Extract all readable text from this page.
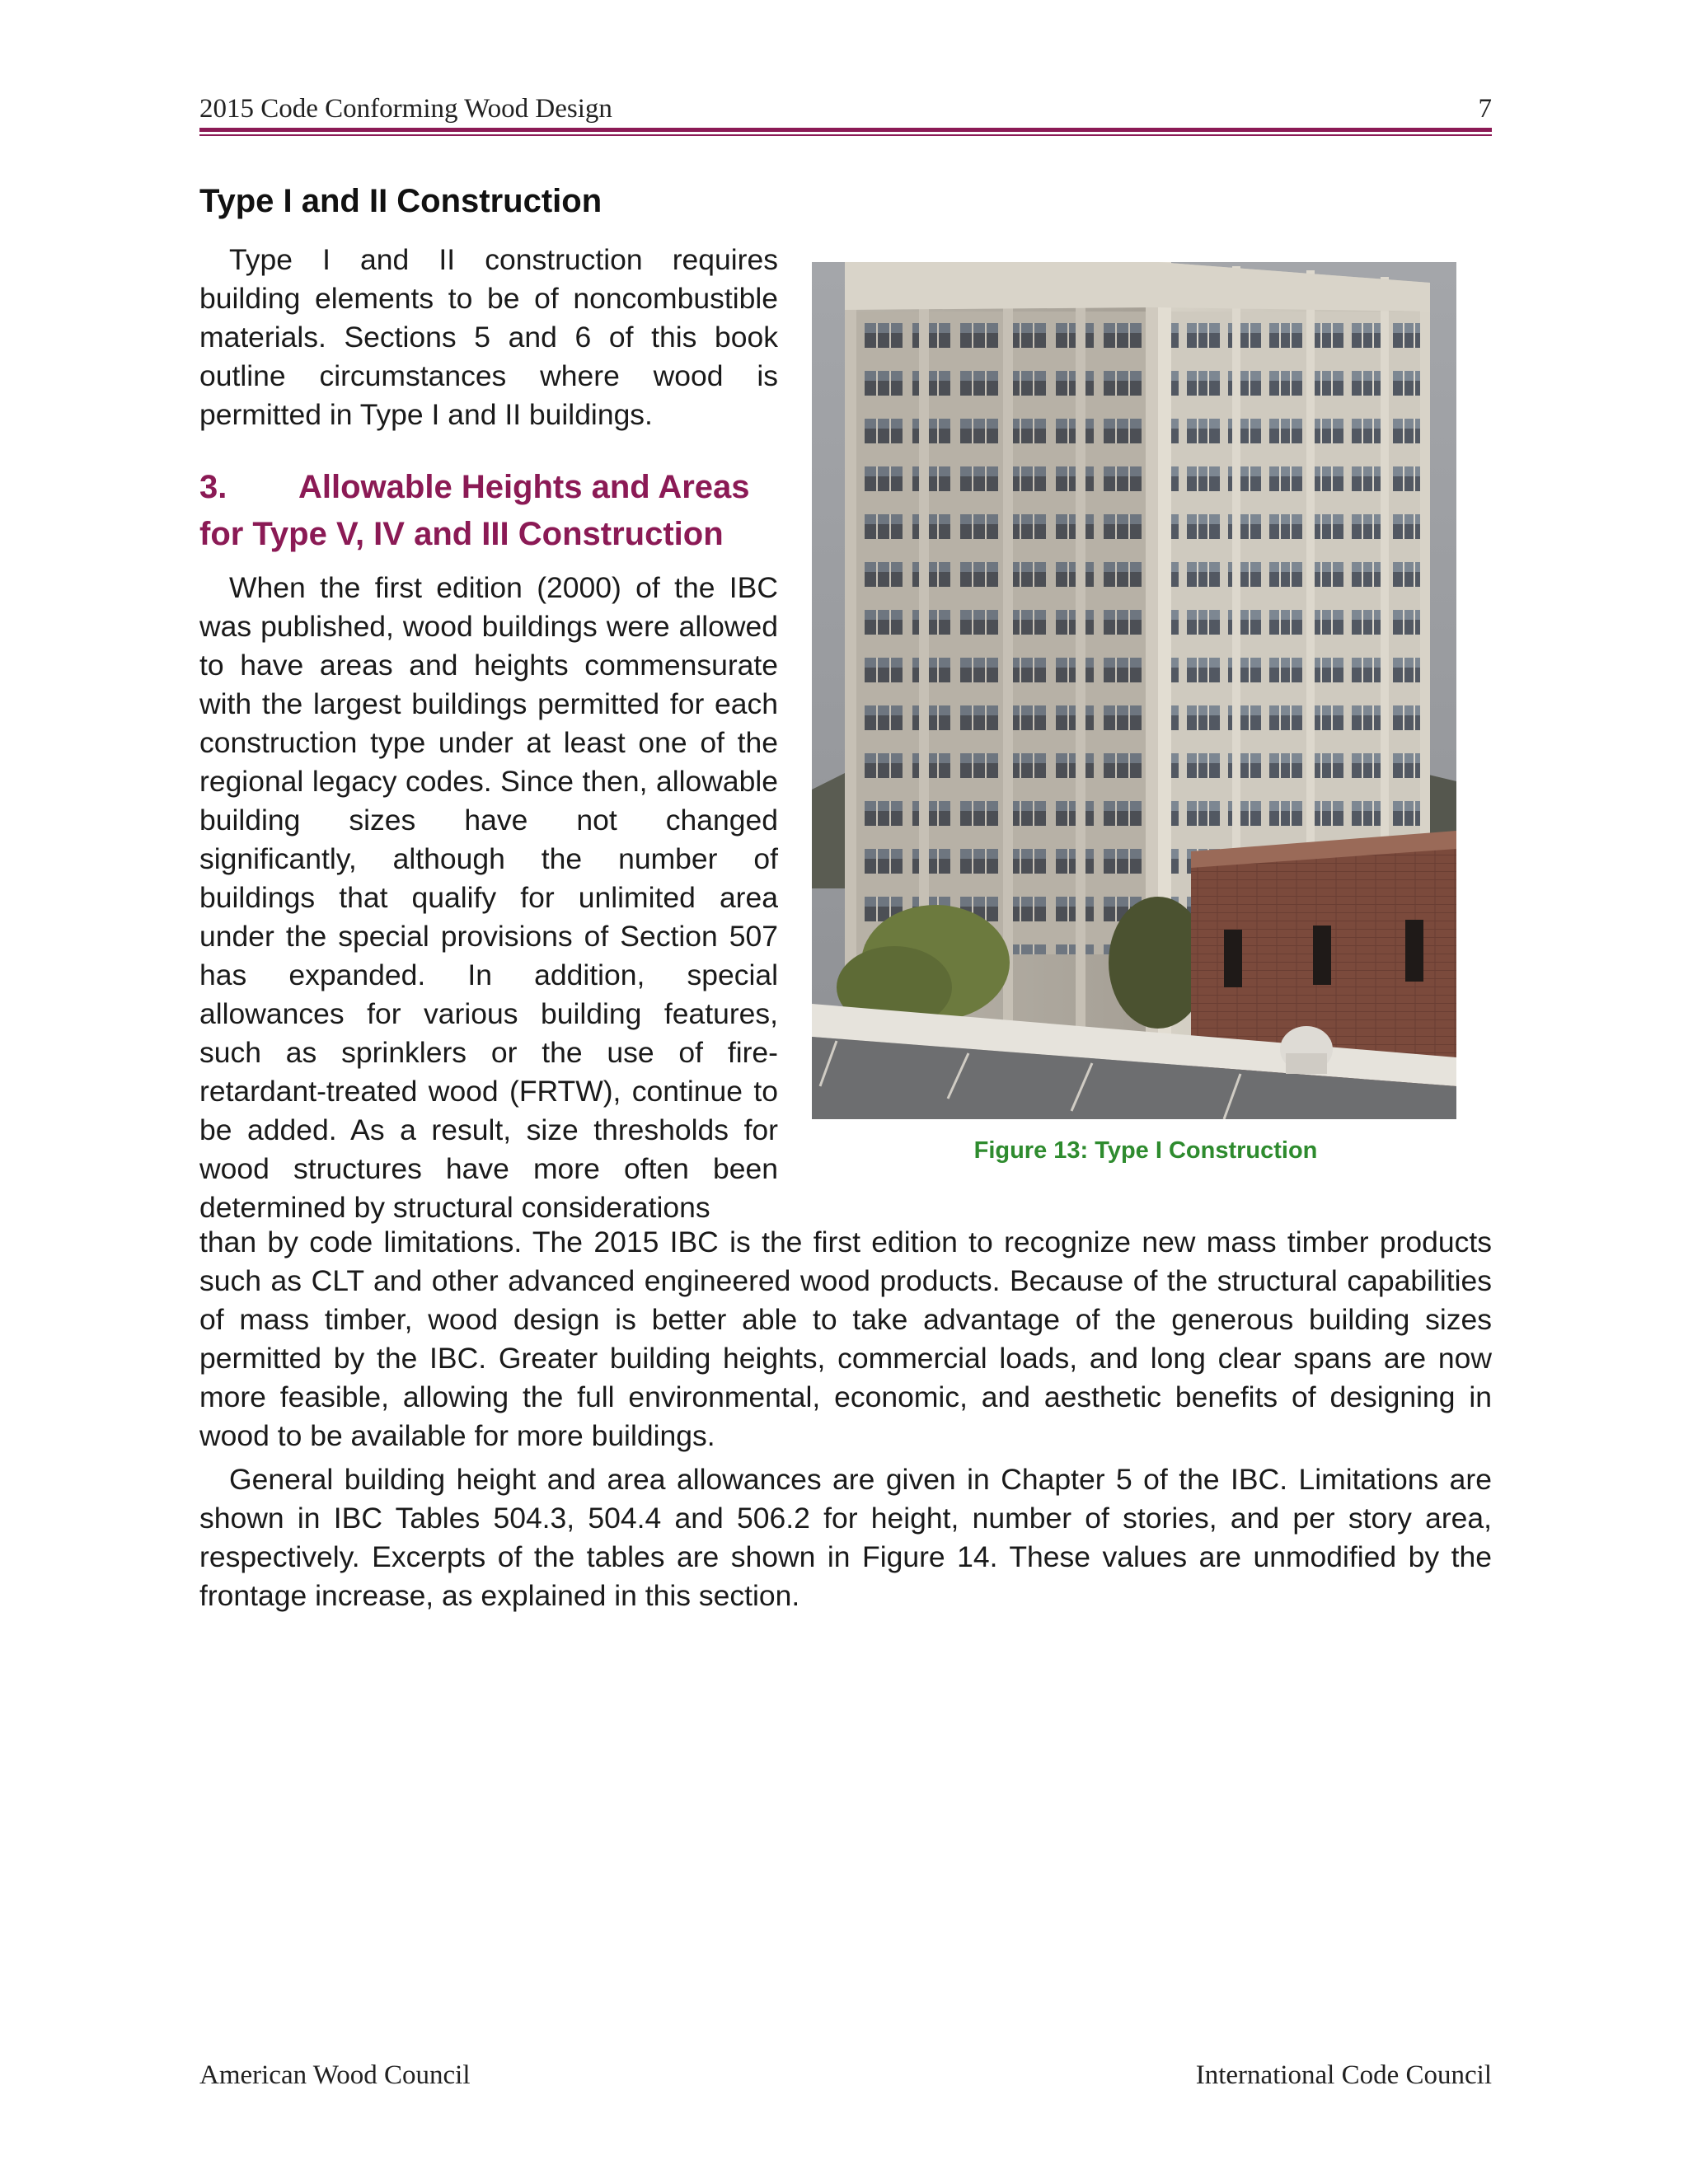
2015 Code Conforming Wood Design	7
Type I and II Construction

Type I and II construction requires building elements to be of noncombustible materials. Sections 5 and 6 of this book outline circumstances where wood is permitted in Type I and II buildings.

3. Allowable Heights and Areas for Type V, IV and III Construction

When the first edition (2000) of the IBC was published, wood buildings were allowed to have areas and heights commensurate with the largest buildings permitted for each construction type under at least one of the regional legacy codes. Since then, allowable building sizes have not changed significantly, although the number of buildings that qualify for unlimited area under the special provisions of Section 507 has expanded. In addition, special allowances for various building features, such as sprinklers or the use of fire-retardant-treated wood (FRTW), continue to be added. As a result, size thresholds for wood structures have more often been determined by structural considerations

than by code limitations. The 2015 IBC is the first edition to recognize new mass timber products such as CLT and other advanced engineered wood products. Because of the structural capabilities of mass timber, wood design is better able to take advantage of the generous building sizes permitted by the IBC. Greater building heights, commercial loads, and long clear spans are now more feasible, allowing the full environmental, economic, and aesthetic benefits of designing in wood to be available for more buildings.

General building height and area allowances are given in Chapter 5 of the IBC. Limitations are shown in IBC Tables 504.3, 504.4 and 506.2 for height, number of stories, and per story area, respectively. Excerpts of the tables are shown in Figure 14. These values are unmodified by the frontage increase, as explained in this section.

Figure 13: Type I Construction
American Wood Council	International Code Council
